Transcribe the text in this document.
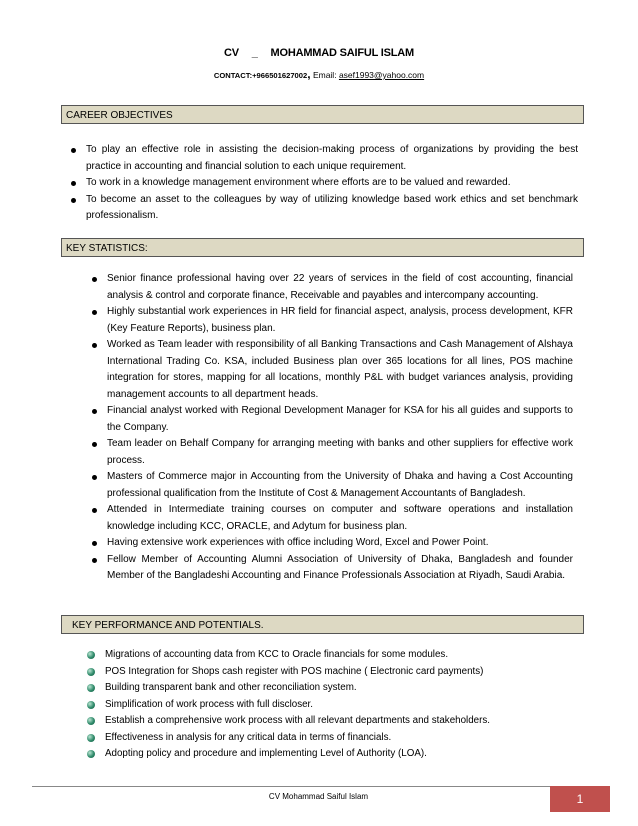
CV _ MOHAMMAD SAIFUL ISLAM
CONTACT:+966501627002, Email: asef1993@yahoo.com
CAREER OBJECTIVES
To play an effective role in assisting the decision-making process of organizations by providing the best practice in accounting and financial solution to each unique requirement.
To work in a knowledge management environment where efforts are to be valued and rewarded.
To become an asset to the colleagues by way of utilizing knowledge based work ethics and set benchmark professionalism.
KEY STATISTICS:
Senior finance professional having over 22 years of services in the field of cost accounting, financial analysis & control and corporate finance, Receivable and payables and intercompany accounting.
Highly substantial work experiences in HR field for financial aspect, analysis, process development, KFR (Key Feature Reports), business plan.
Worked as Team leader with responsibility of all Banking Transactions and Cash Management of Alshaya International Trading Co. KSA, included Business plan over 365 locations for all lines, POS machine integration for stores, mapping for all locations, monthly P&L with budget variances analysis, providing management accounts to all department heads.
Financial analyst worked with Regional Development Manager for KSA for his all guides and supports to the Company.
Team leader on Behalf Company for arranging meeting with banks and other suppliers for effective work process.
Masters of Commerce major in Accounting from the University of Dhaka and having a Cost Accounting professional qualification from the Institute of Cost & Management Accountants of Bangladesh.
Attended in Intermediate training courses on computer and software operations and installation knowledge including KCC, ORACLE, and Adytum for business plan.
Having extensive work experiences with office including Word, Excel and Power Point.
Fellow Member of Accounting Alumni Association of University of Dhaka, Bangladesh and founder Member of the Bangladeshi Accounting and Finance Professionals Association at Riyadh, Saudi Arabia.
KEY PERFORMANCE AND POTENTIALS.
Migrations of accounting data from KCC to Oracle financials for some modules.
POS Integration for Shops cash register with POS machine ( Electronic card payments)
Building transparent bank and other reconciliation system.
Simplification of work process with full discloser.
Establish a comprehensive work process with all relevant departments and stakeholders.
Effectiveness in analysis for any critical data in terms of financials.
Adopting policy and procedure and implementing Level of Authority (LOA).
CV Mohammad Saiful Islam	1
